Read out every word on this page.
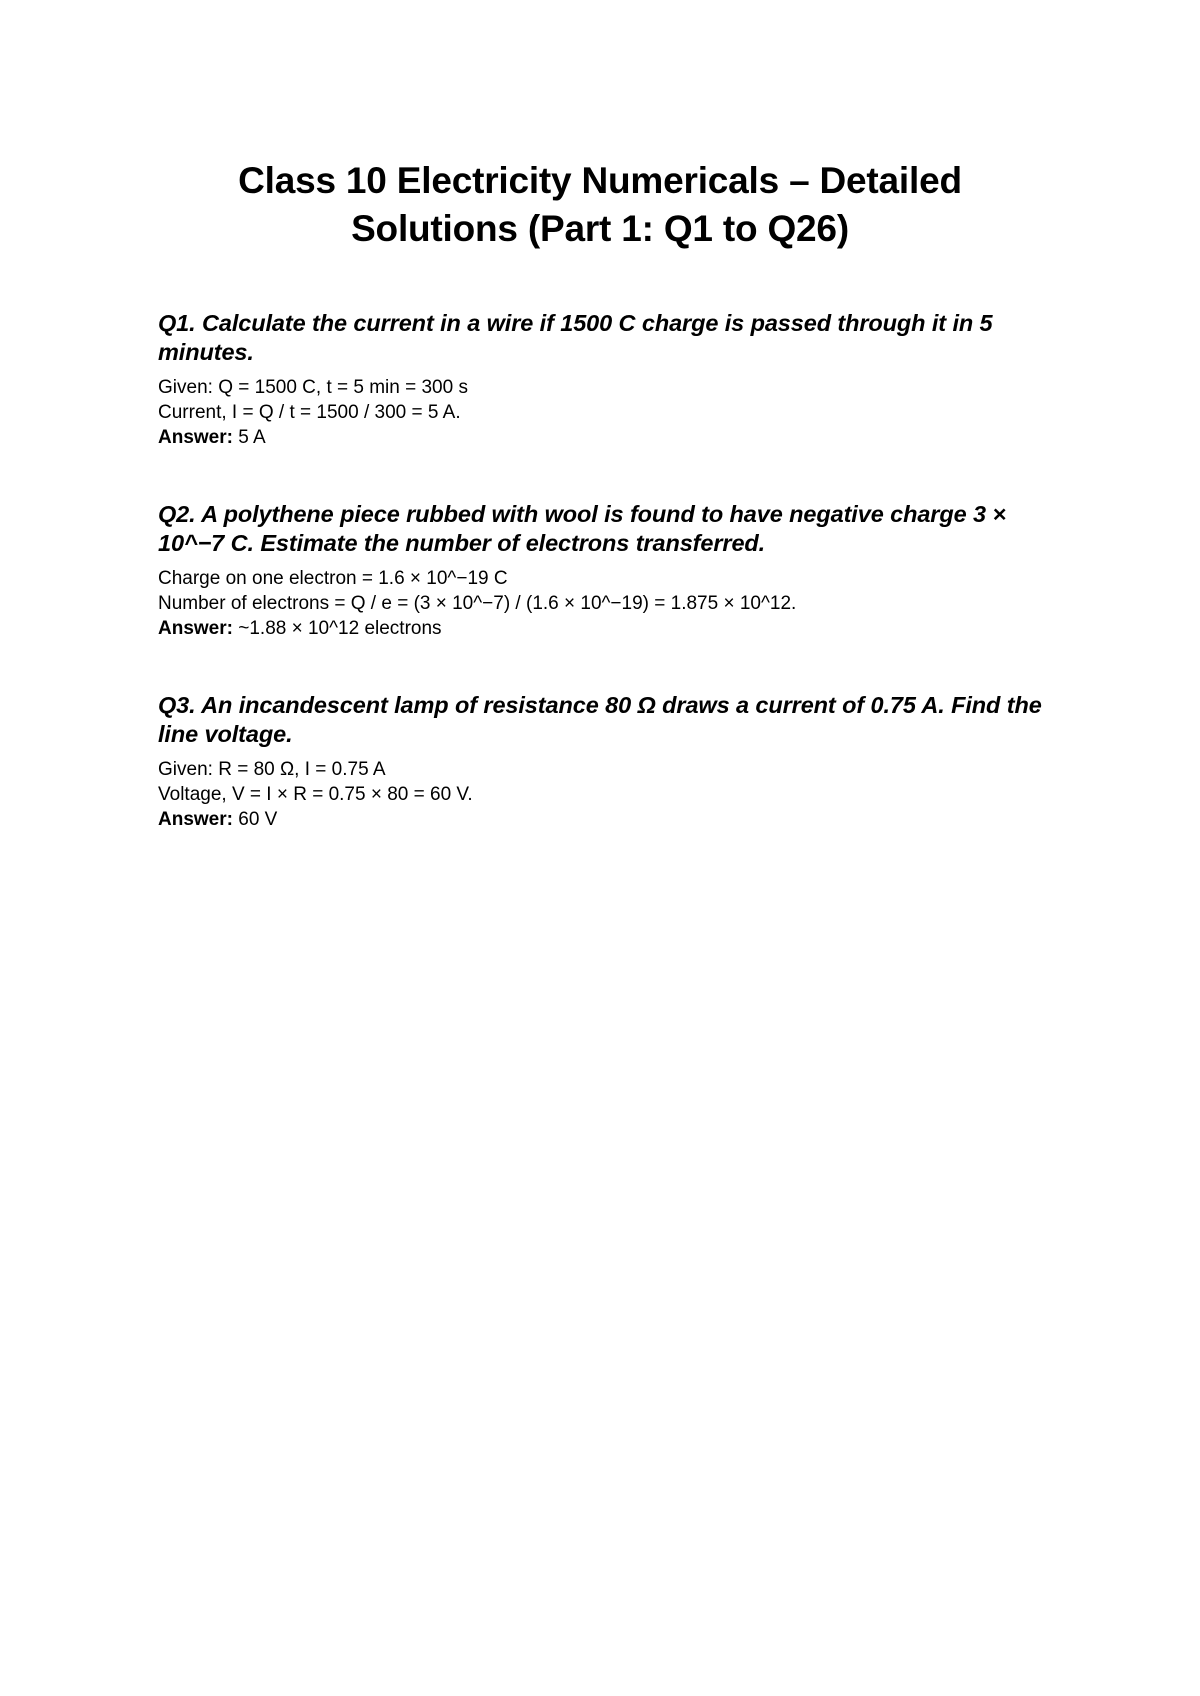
Class 10 Electricity Numericals – Detailed
Solutions (Part 1: Q1 to Q26)

Q1. Calculate the current in a wire if 1500 C charge is passed through it in 5 minutes.

Given: Q = 1500 C, t = 5 min = 300 s

Current, I = Q / t = 1500 / 300 = 5 A.

Answer: 5 A

Q2. A polythene piece rubbed with wool is found to have negative charge 3 × 10^−7 C. Estimate the number of electrons transferred.

Charge on one electron = 1.6 × 10^−19 C

Number of electrons = Q / e = (3 × 10^−7) / (1.6 × 10^−19) = 1.875 × 10^12.

Answer: ~1.88 × 10^12 electrons

Q3. An incandescent lamp of resistance 80 Ω draws a current of 0.75 A. Find the line voltage.

Given: R = 80 Ω, I = 0.75 A

Voltage, V = I × R = 0.75 × 80 = 60 V.

Answer: 60 V
